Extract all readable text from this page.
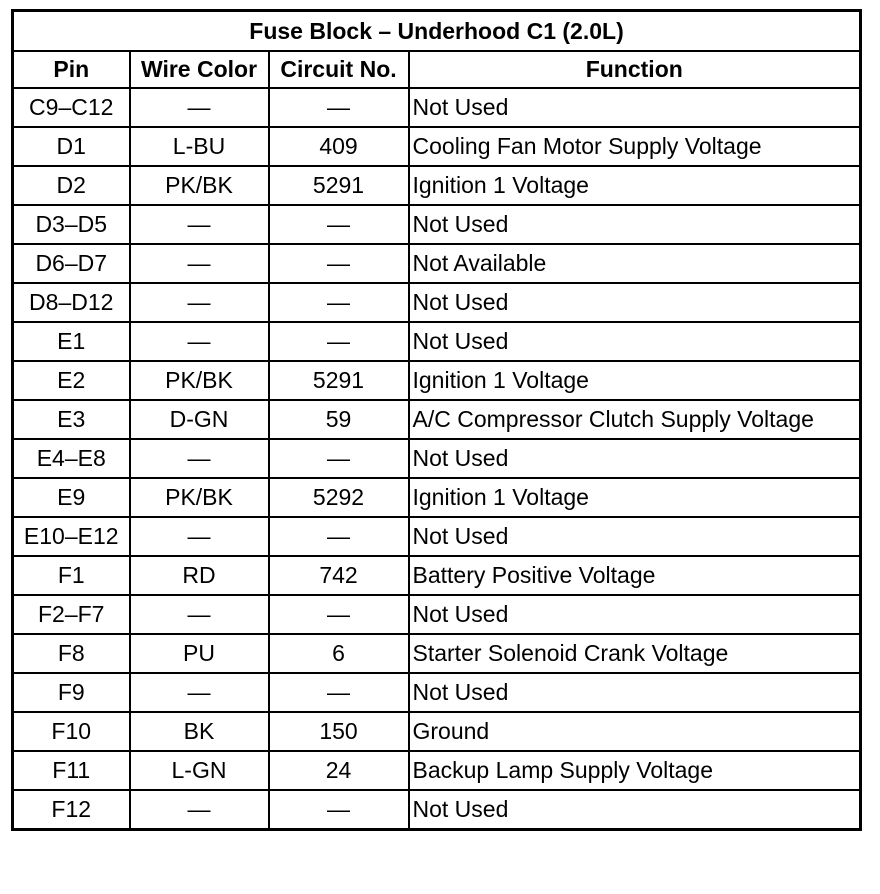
Fuse Block – Underhood C1 (2.0L)			
Pin	Wire Color	Circuit No.	Function
C9–C12	—	—	Not Used
D1	L-BU	409	Cooling Fan Motor Supply Voltage
D2	PK/BK	5291	Ignition 1 Voltage
D3–D5	—	—	Not Used
D6–D7	—	—	Not Available
D8–D12	—	—	Not Used
E1	—	—	Not Used
E2	PK/BK	5291	Ignition 1 Voltage
E3	D-GN	59	A/C Compressor Clutch Supply Voltage
E4–E8	—	—	Not Used
E9	PK/BK	5292	Ignition 1 Voltage
E10–E12	—	—	Not Used
F1	RD	742	Battery Positive Voltage
F2–F7	—	—	Not Used
F8	PU	6	Starter Solenoid Crank Voltage
F9	—	—	Not Used
F10	BK	150	Ground
F11	L-GN	24	Backup Lamp Supply Voltage
F12	—	—	Not Used
